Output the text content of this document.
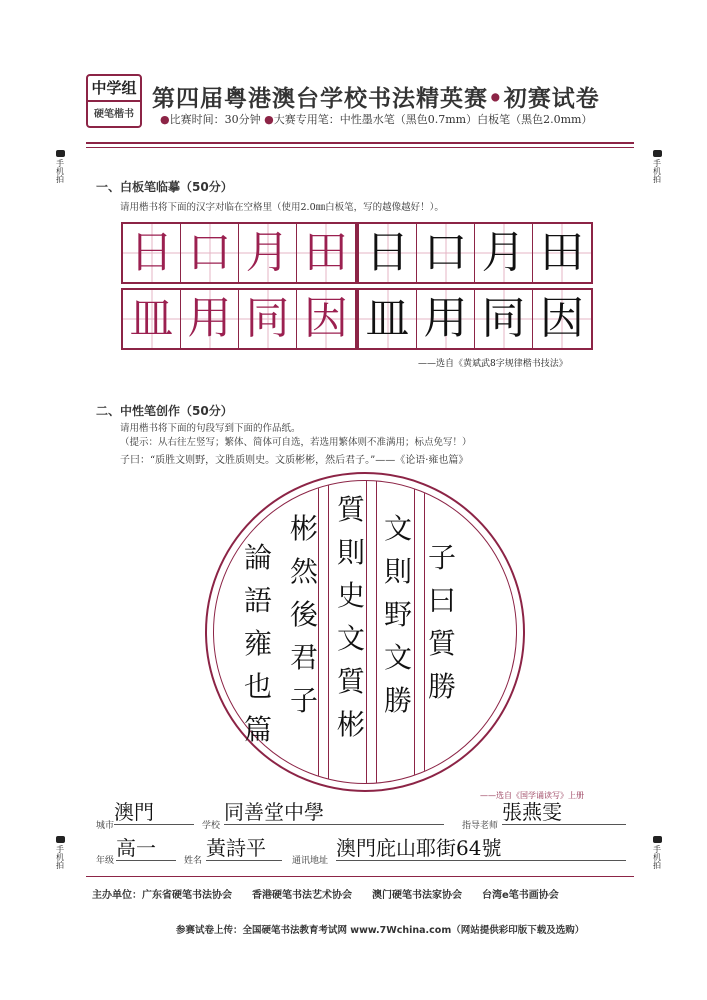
中学组
硬笔楷书
第四届粤港澳台学校书法精英赛•初赛试卷
●比赛时间：30分钟 ●大赛专用笔：中性墨水笔（黑色0.7mm）白板笔（黑色2.0mm）
手机拍	手机拍
手机拍	手机拍
一、白板笔临摹（50分）
请用楷书将下面的汉字对临在空格里（使用2.0㎜白板笔，写的越像越好！）。
日 口 月 田 日 口 月 田
皿 用 同 因 皿 用 同 因
——选自《黄斌武8字规律楷书技法》
二、中性笔创作（50分）
请用楷书将下面的句段写到下面的作品纸。
（提示：从右往左竖写；繁体、简体可自选，若选用繁体则不准满用；标点免写！）
子曰：“质胜文则野，文胜质则史。文质彬彬，然后君子。”——《论语·雍也篇》
子
曰
質
勝
文
則
野
文
勝
質
則
史
文
質
彬
彬
然
後
君
子
論
語
雍
也
篇
——选自《国学诵读写》上册
城市
澳門
学校
同善堂中學
指导老师
張燕雯
年级
高一
姓名
黃詩平
通讯地址
澳門庇山耶街64號
主办单位：广东省硬笔书法协会　　香港硬笔书法艺术协会　　澳门硬笔书法家协会　　台湾e笔书画协会
参赛试卷上传：全国硬笔书法教育考试网 www.7Wchina.com（网站提供彩印版下载及选购）
